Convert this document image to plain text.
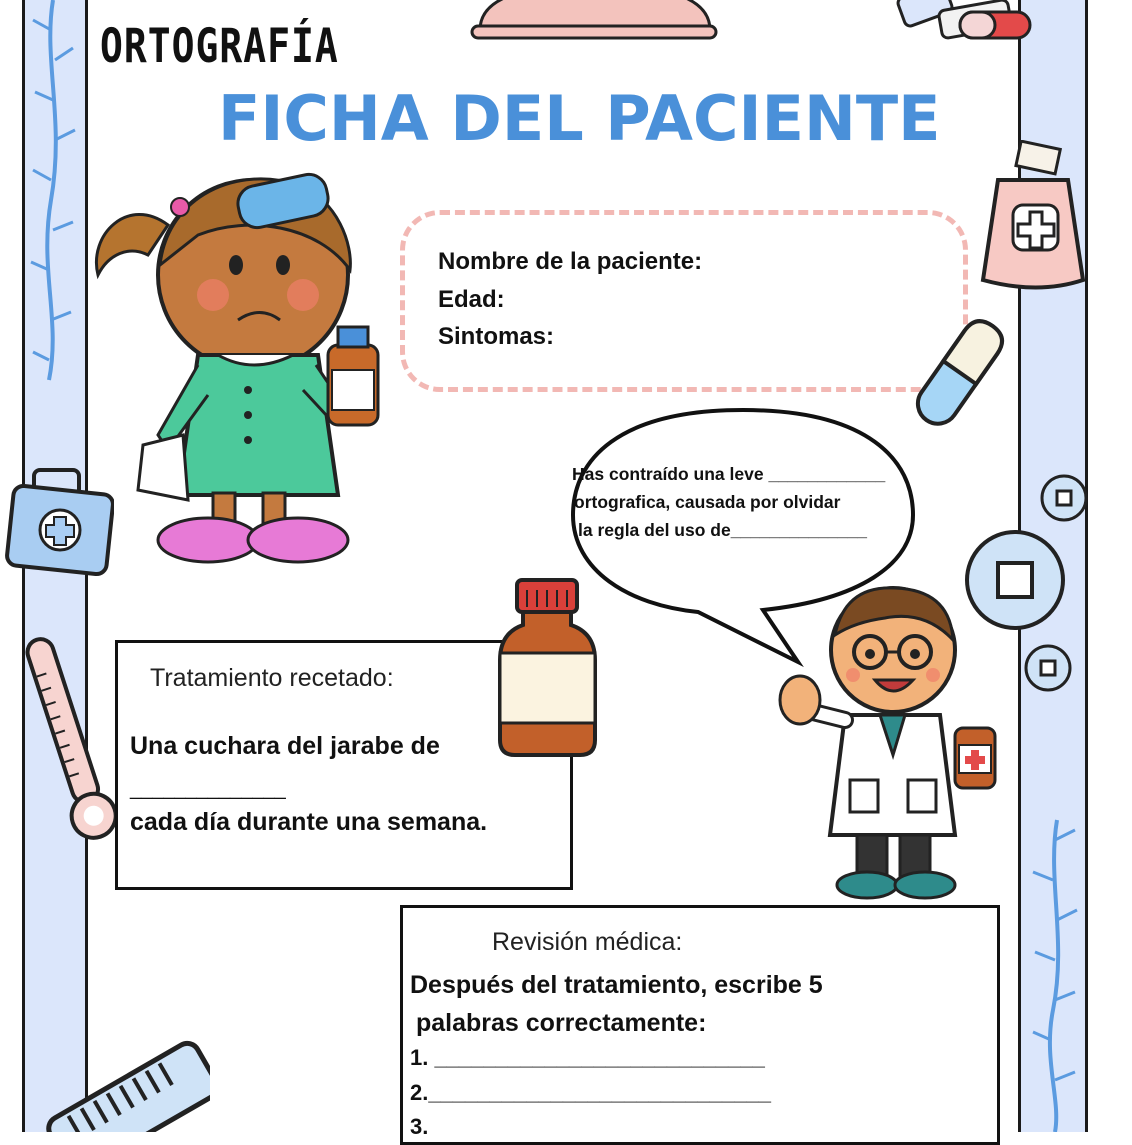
ORTOGRAFÍA
FICHA DEL PACIENTE
Nombre de la paciente:
Edad:
Sintomas:
Has contraído una leve ____________
ortografica, causada por olvidar
la regla del uso de______________
Tratamiento recetado:
Una cuchara del jarabe de
______________
cada día durante una semana.
Revisión médica:
Después del tratamiento, escribe 5
palabras correctamente:
1. ___________________________
2.____________________________
3.
